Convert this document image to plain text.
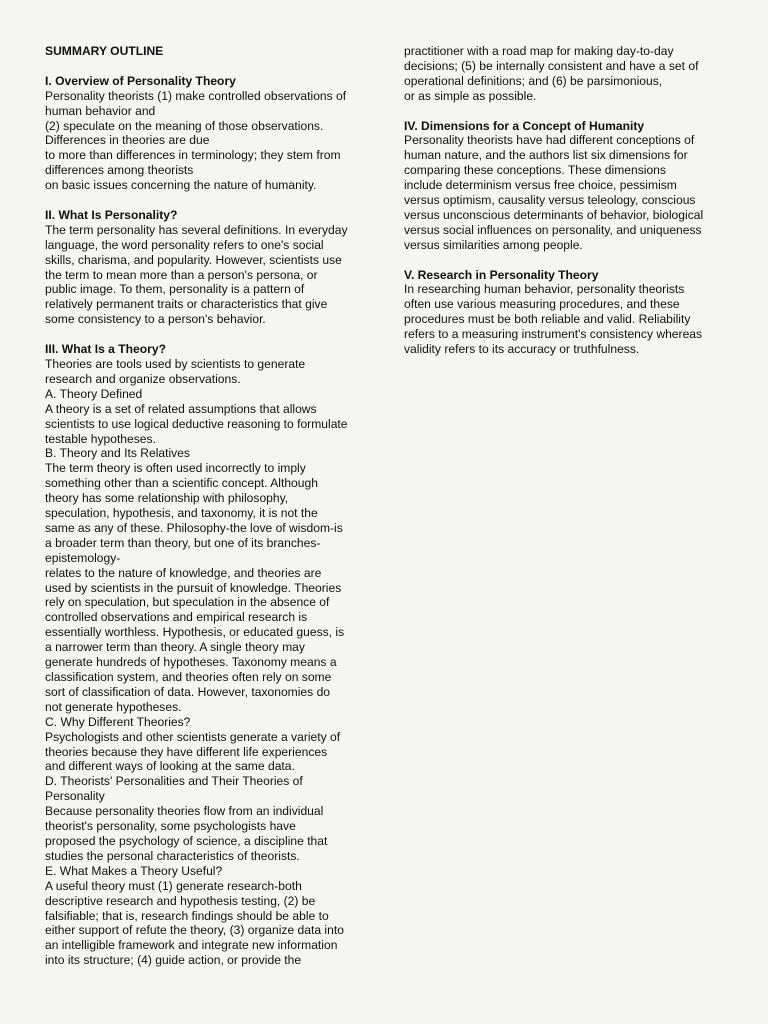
SUMMARY OUTLINE
I. Overview of Personality Theory
Personality theorists (1) make controlled observations of
human behavior and
(2) speculate on the meaning of those observations.
Differences in theories are due
to more than differences in terminology; they stem from
differences among theorists
on basic issues concerning the nature of humanity.
II. What Is Personality?
The term personality has several definitions. In everyday
language, the word personality refers to one's social
skills, charisma, and popularity. However, scientists use
the term to mean more than a person's persona, or
public image. To them, personality is a pattern of
relatively permanent traits or characteristics that give
some consistency to a person's behavior.
III. What Is a Theory?
Theories are tools used by scientists to generate
research and organize observations.
A. Theory Defined
A theory is a set of related assumptions that allows
scientists to use logical deductive reasoning to formulate
testable hypotheses.
B. Theory and Its Relatives
The term theory is often used incorrectly to imply
something other than a scientific concept. Although
theory has some relationship with philosophy,
speculation, hypothesis, and taxonomy, it is not the
same as any of these. Philosophy-the love of wisdom-is
a broader term than theory, but one of its branches-
epistemology-
relates to the nature of knowledge, and theories are
used by scientists in the pursuit of knowledge. Theories
rely on speculation, but speculation in the absence of
controlled observations and empirical research is
essentially worthless. Hypothesis, or educated guess, is
a narrower term than theory. A single theory may
generate hundreds of hypotheses. Taxonomy means a
classification system, and theories often rely on some
sort of classification of data. However, taxonomies do
not generate hypotheses.
C. Why Different Theories?
Psychologists and other scientists generate a variety of
theories because they have different life experiences
and different ways of looking at the same data.
D. Theorists' Personalities and Their Theories of
Personality
Because personality theories flow from an individual
theorist's personality, some psychologists have
proposed the psychology of science, a discipline that
studies the personal characteristics of theorists.
E. What Makes a Theory Useful?
A useful theory must (1) generate research-both
descriptive research and hypothesis testing, (2) be
falsifiable; that is, research findings should be able to
either support of refute the theory, (3) organize data into
an intelligible framework and integrate new information
into its structure; (4) guide action, or provide the
practitioner with a road map for making day-to-day
decisions; (5) be internally consistent and have a set of
operational definitions; and (6) be parsimonious,
or as simple as possible.
IV. Dimensions for a Concept of Humanity
Personality theorists have had different conceptions of
human nature, and the authors list six dimensions for
comparing these conceptions. These dimensions
include determinism versus free choice, pessimism
versus optimism, causality versus teleology, conscious
versus unconscious determinants of behavior, biological
versus social influences on personality, and uniqueness
versus similarities among people.
V. Research in Personality Theory
In researching human behavior, personality theorists
often use various measuring procedures, and these
procedures must be both reliable and valid. Reliability
refers to a measuring instrument's consistency whereas
validity refers to its accuracy or truthfulness.
